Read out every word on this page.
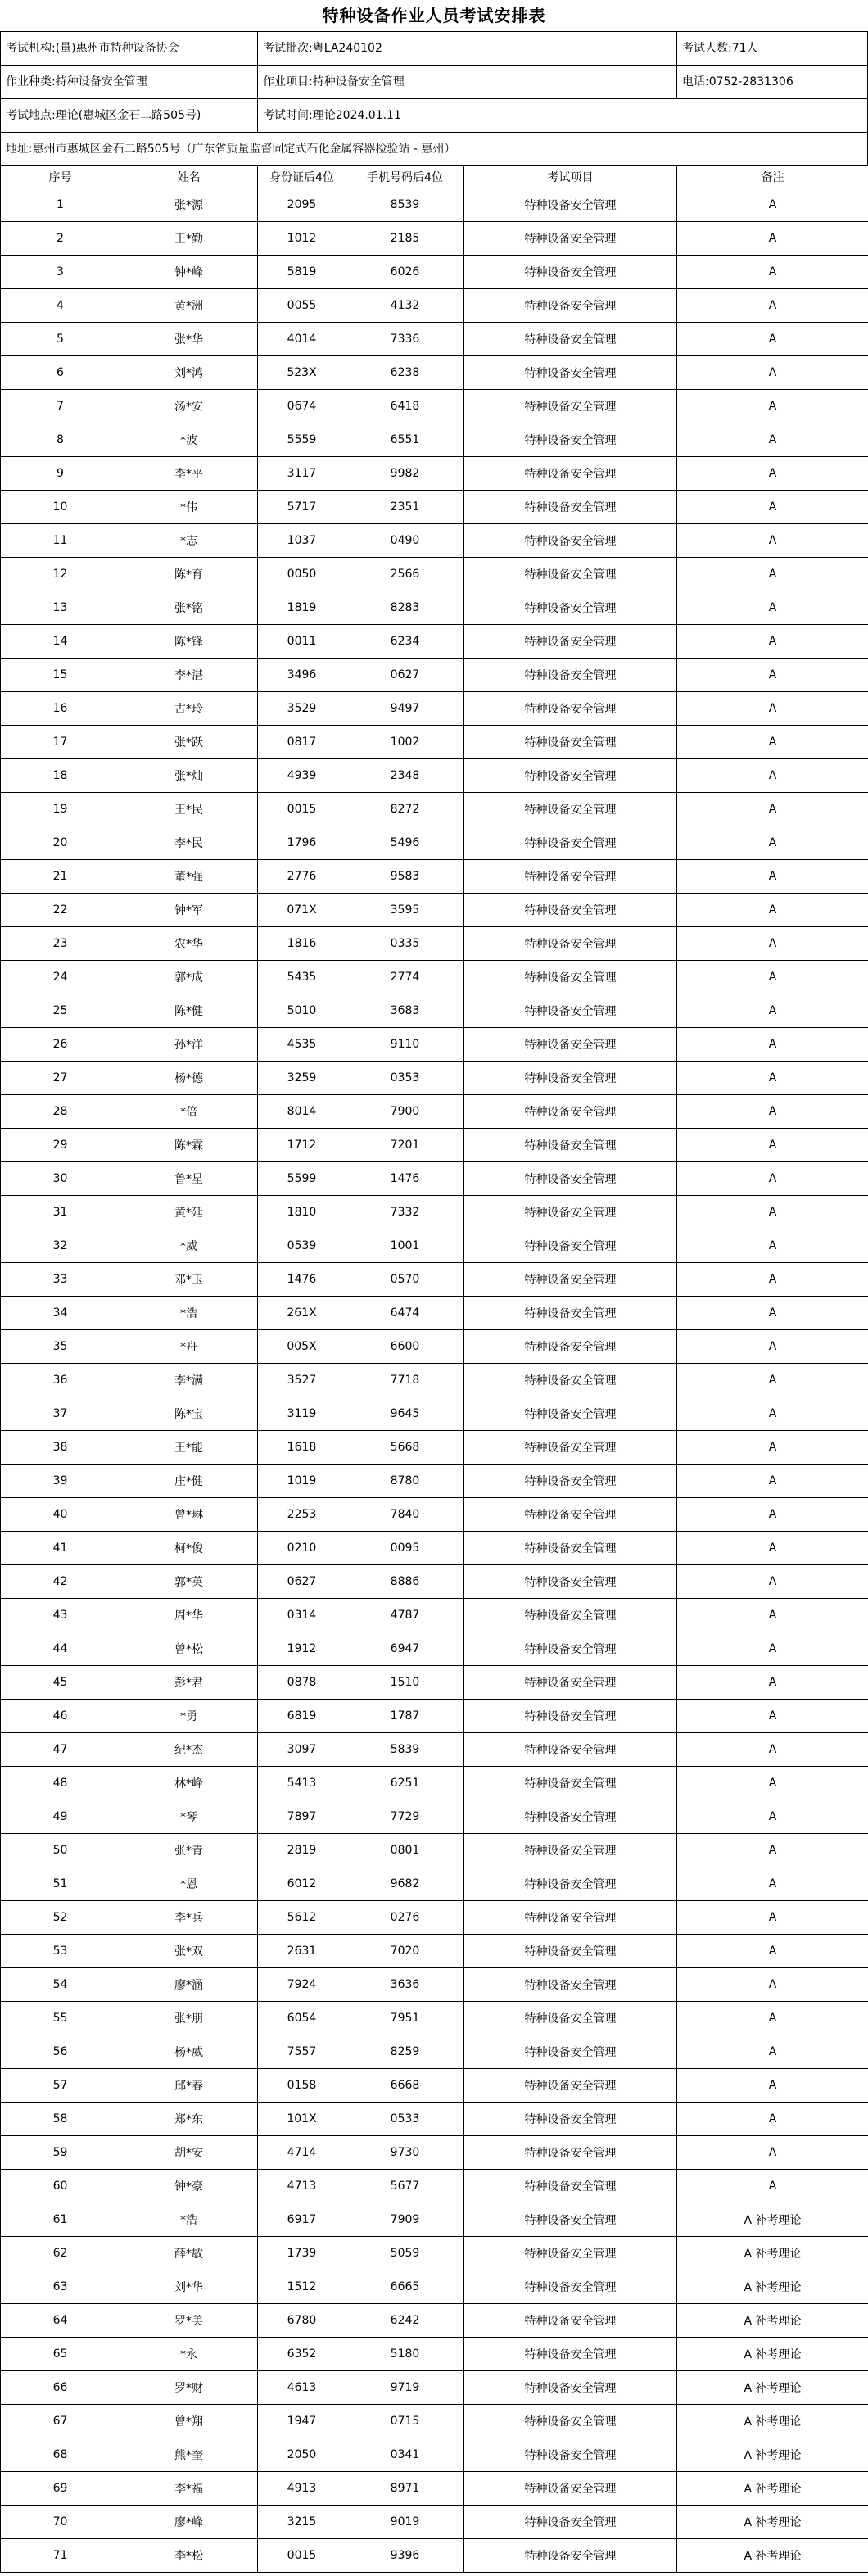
特种设备作业人员考试安排表
考试机构:(量)惠州市特种设备协会	考试批次:粤LA240102	考试人数:71人
作业种类:特种设备安全管理	作业项目:特种设备安全管理	电话:0752-2831306
考试地点:理论(惠城区金石二路505号)	考试时间:理论2024.01.11
地址:惠州市惠城区金石二路505号（广东省质量监督固定式石化金属容器检验站 - 惠州）
序号	姓名	身份证后4位	手机号码后4位	考试项目	备注
1	张*源	2095	8539	特种设备安全管理	A
2	王*勤	1012	2185	特种设备安全管理	A
3	钟*峰	5819	6026	特种设备安全管理	A
4	黄*洲	0055	4132	特种设备安全管理	A
5	张*华	4014	7336	特种设备安全管理	A
6	刘*鸿	523X	6238	特种设备安全管理	A
7	汤*安	0674	6418	特种设备安全管理	A
8	*波	5559	6551	特种设备安全管理	A
9	李*平	3117	9982	特种设备安全管理	A
10	*伟	5717	2351	特种设备安全管理	A
11	*志	1037	0490	特种设备安全管理	A
12	陈*育	0050	2566	特种设备安全管理	A
13	张*铭	1819	8283	特种设备安全管理	A
14	陈*锋	0011	6234	特种设备安全管理	A
15	李*湛	3496	0627	特种设备安全管理	A
16	古*玲	3529	9497	特种设备安全管理	A
17	张*跃	0817	1002	特种设备安全管理	A
18	张*灿	4939	2348	特种设备安全管理	A
19	王*民	0015	8272	特种设备安全管理	A
20	李*民	1796	5496	特种设备安全管理	A
21	董*强	2776	9583	特种设备安全管理	A
22	钟*军	071X	3595	特种设备安全管理	A
23	农*华	1816	0335	特种设备安全管理	A
24	郭*成	5435	2774	特种设备安全管理	A
25	陈*健	5010	3683	特种设备安全管理	A
26	孙*洋	4535	9110	特种设备安全管理	A
27	杨*德	3259	0353	特种设备安全管理	A
28	*倍	8014	7900	特种设备安全管理	A
29	陈*霖	1712	7201	特种设备安全管理	A
30	鲁*星	5599	1476	特种设备安全管理	A
31	黄*廷	1810	7332	特种设备安全管理	A
32	*威	0539	1001	特种设备安全管理	A
33	邓*玉	1476	0570	特种设备安全管理	A
34	*浩	261X	6474	特种设备安全管理	A
35	*舟	005X	6600	特种设备安全管理	A
36	李*满	3527	7718	特种设备安全管理	A
37	陈*宝	3119	9645	特种设备安全管理	A
38	王*能	1618	5668	特种设备安全管理	A
39	庄*健	1019	8780	特种设备安全管理	A
40	曾*琳	2253	7840	特种设备安全管理	A
41	柯*俊	0210	0095	特种设备安全管理	A
42	郭*英	0627	8886	特种设备安全管理	A
43	周*华	0314	4787	特种设备安全管理	A
44	曾*松	1912	6947	特种设备安全管理	A
45	彭*君	0878	1510	特种设备安全管理	A
46	*勇	6819	1787	特种设备安全管理	A
47	纪*杰	3097	5839	特种设备安全管理	A
48	林*峰	5413	6251	特种设备安全管理	A
49	*琴	7897	7729	特种设备安全管理	A
50	张*青	2819	0801	特种设备安全管理	A
51	*恩	6012	9682	特种设备安全管理	A
52	李*兵	5612	0276	特种设备安全管理	A
53	张*双	2631	7020	特种设备安全管理	A
54	廖*涵	7924	3636	特种设备安全管理	A
55	张*朋	6054	7951	特种设备安全管理	A
56	杨*威	7557	8259	特种设备安全管理	A
57	邱*春	0158	6668	特种设备安全管理	A
58	郑*东	101X	0533	特种设备安全管理	A
59	胡*安	4714	9730	特种设备安全管理	A
60	钟*豪	4713	5677	特种设备安全管理	A
61	*浩	6917	7909	特种设备安全管理	A 补考理论
62	薛*敏	1739	5059	特种设备安全管理	A 补考理论
63	刘*华	1512	6665	特种设备安全管理	A 补考理论
64	罗*美	6780	6242	特种设备安全管理	A 补考理论
65	*永	6352	5180	特种设备安全管理	A 补考理论
66	罗*财	4613	9719	特种设备安全管理	A 补考理论
67	曾*翔	1947	0715	特种设备安全管理	A 补考理论
68	熊*奎	2050	0341	特种设备安全管理	A 补考理论
69	李*福	4913	8971	特种设备安全管理	A 补考理论
70	廖*峰	3215	9019	特种设备安全管理	A 补考理论
71	李*松	0015	9396	特种设备安全管理	A 补考理论
